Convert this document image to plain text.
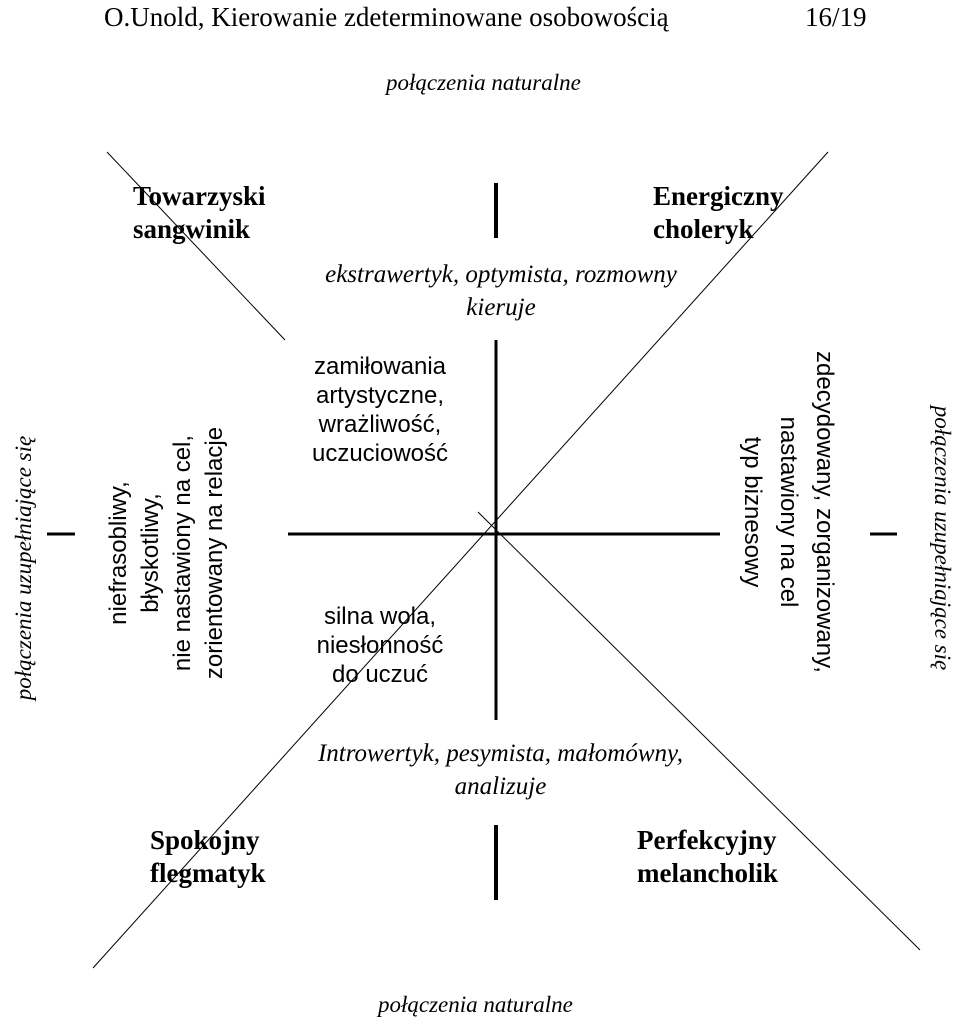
O.Unold, Kierowanie zdeterminowane osobowością	16/19
połączenia naturalne
połączenia naturalne
połączenia uzupełniające się	połączenia uzupełniające się
Towarzyski
sangwinik
Energiczny
choleryk
Spokojny
flegmatyk
Perfekcyjny
melancholik
ekstrawertyk, optymista, rozmowny
kieruje
Introwertyk, pesymista, małomówny,
analizuje
zamiłowania
artystyczne,
wrażliwość,
uczuciowość
silna wola,
niesłonność
do uczuć
niefrasobliwy, błyskotliwy, nie nastawiony na cel, zorientowany na relacje	zdecydowany, zorganizowany,
nastawiony na cel
typ biznesowy
